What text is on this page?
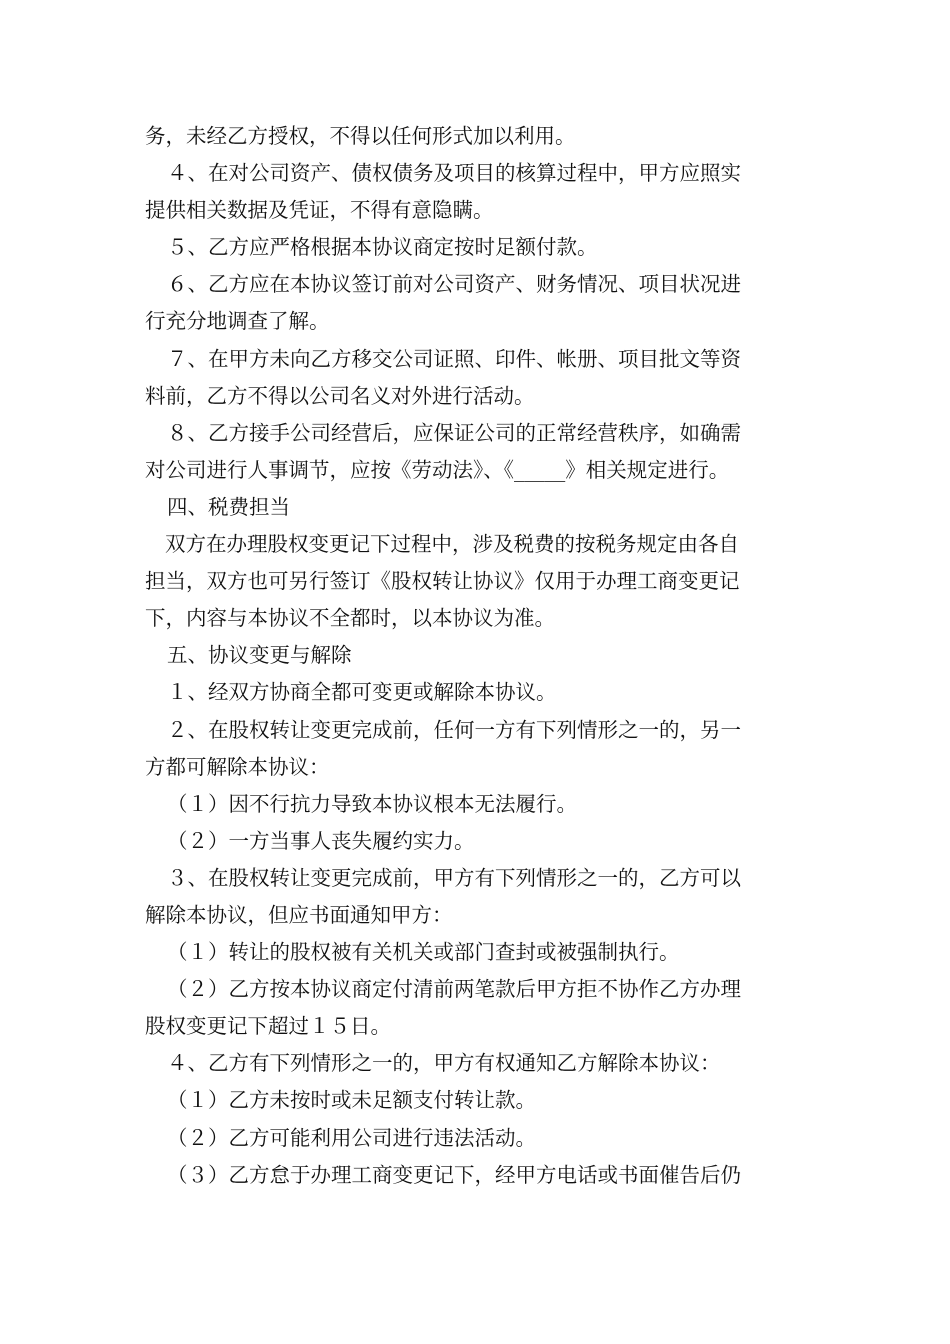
务，未经乙方授权，不得以任何形式加以利用。
４、在对公司资产、债权债务及项目的核算过程中，甲方应照实
提供相关数据及凭证，不得有意隐瞒。
５、乙方应严格根据本协议商定按时足额付款。
６、乙方应在本协议签订前对公司资产、财务情况、项目状况进
行充分地调查了解。
７、在甲方未向乙方移交公司证照、印件、帐册、项目批文等资
料前，乙方不得以公司名义对外进行活动。
８、乙方接手公司经营后，应保证公司的正常经营秩序，如确需
对公司进行人事调节，应按《劳动法》、《_____》相关规定进行。
四、税费担当
双方在办理股权变更记下过程中，涉及税费的按税务规定由各自
担当，双方也可另行签订《股权转让协议》仅用于办理工商变更记
下，内容与本协议不全都时，以本协议为准。
五、协议变更与解除
１、经双方协商全都可变更或解除本协议。
２、在股权转让变更完成前，任何一方有下列情形之一的，另一
方都可解除本协议：
（１）因不行抗力导致本协议根本无法履行。
（２）一方当事人丧失履约实力。
３、在股权转让变更完成前，甲方有下列情形之一的，乙方可以
解除本协议，但应书面通知甲方：
（１）转让的股权被有关机关或部门查封或被强制执行。
（２）乙方按本协议商定付清前两笔款后甲方拒不协作乙方办理
股权变更记下超过１５日。
４、乙方有下列情形之一的，甲方有权通知乙方解除本协议：
（１）乙方未按时或未足额支付转让款。
（２）乙方可能利用公司进行违法活动。
（３）乙方怠于办理工商变更记下，经甲方电话或书面催告后仍
